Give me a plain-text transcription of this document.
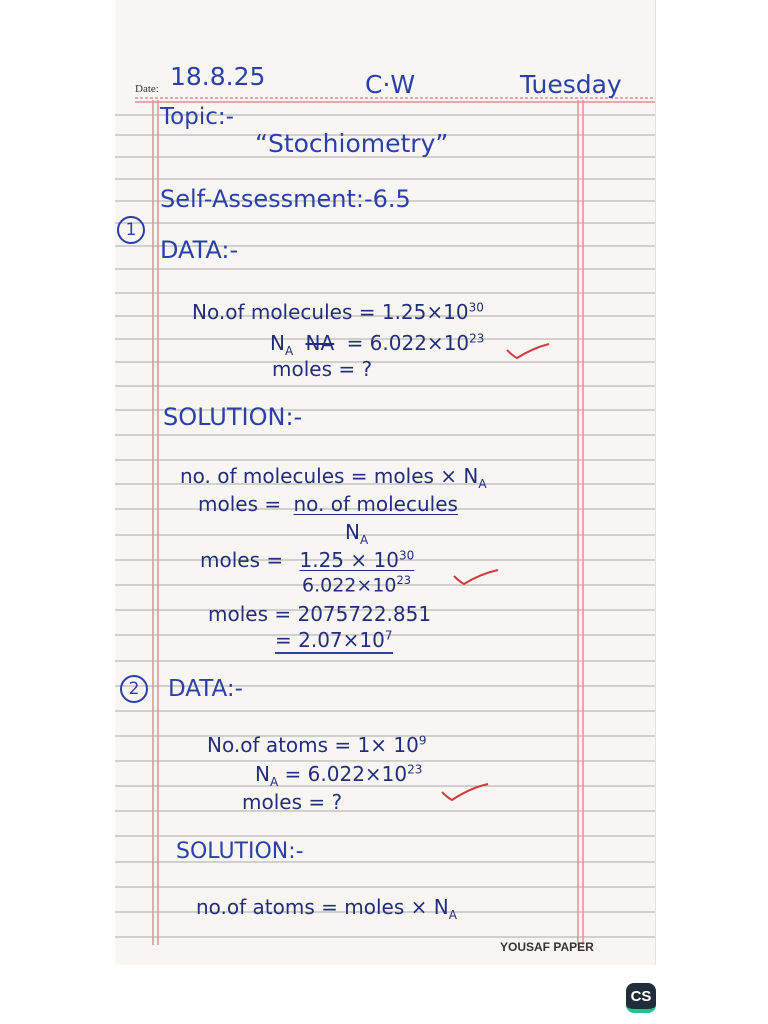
Date: 18.8.25	C·W	Tuesday
Topic:-
“Stochiometry”
Self-Assessment:-6.5
1
DATA:-
No.of molecules = $1.25\times 10^{30}$
$N_A$ NA = $6.022\times 10^{23}$
moles = ?
SOLUTION:-
no. of molecules = moles × $N_A$
moles = no. of molecules
$N_A$
moles = $1.25 \times 10^{30}$
$6.022\times 10^{23}$
moles = 2075722.851
= $2.07\times 10^7$
2	DATA:-
No.of atoms = $1\times 10^9$
$N_A = 6.022\times 10^{23}$
moles = ?
SOLUTION:-
no.of atoms = moles × $N_A$
YOUSAF PAPER
CS
